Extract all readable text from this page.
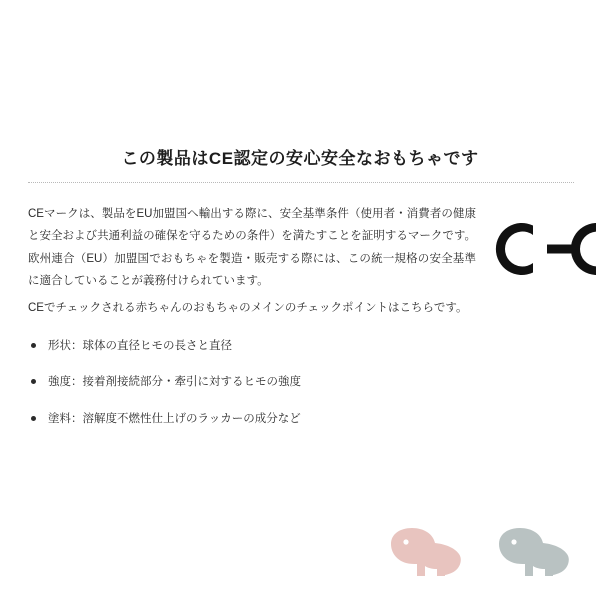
この製品はCE認定の安心安全なおもちゃです

CEマークは、製品をEU加盟国へ輸出する際に、安全基準条件（使用者・消費者の健康と安全および共通利益の確保を守るための条件）を満たすことを証明するマークです。欧州連合（EU）加盟国でおもちゃを製造・販売する際には、この統一規格の安全基準に適合していることが義務付けられています。

CEでチェックされる赤ちゃんのおもちゃのメインのチェックポイントはこちらです。

形状：球体の直径ヒモの長さと直径
強度：接着剤接続部分・牽引に対するヒモの強度
塗料：溶解度不燃性仕上げのラッカーの成分など
